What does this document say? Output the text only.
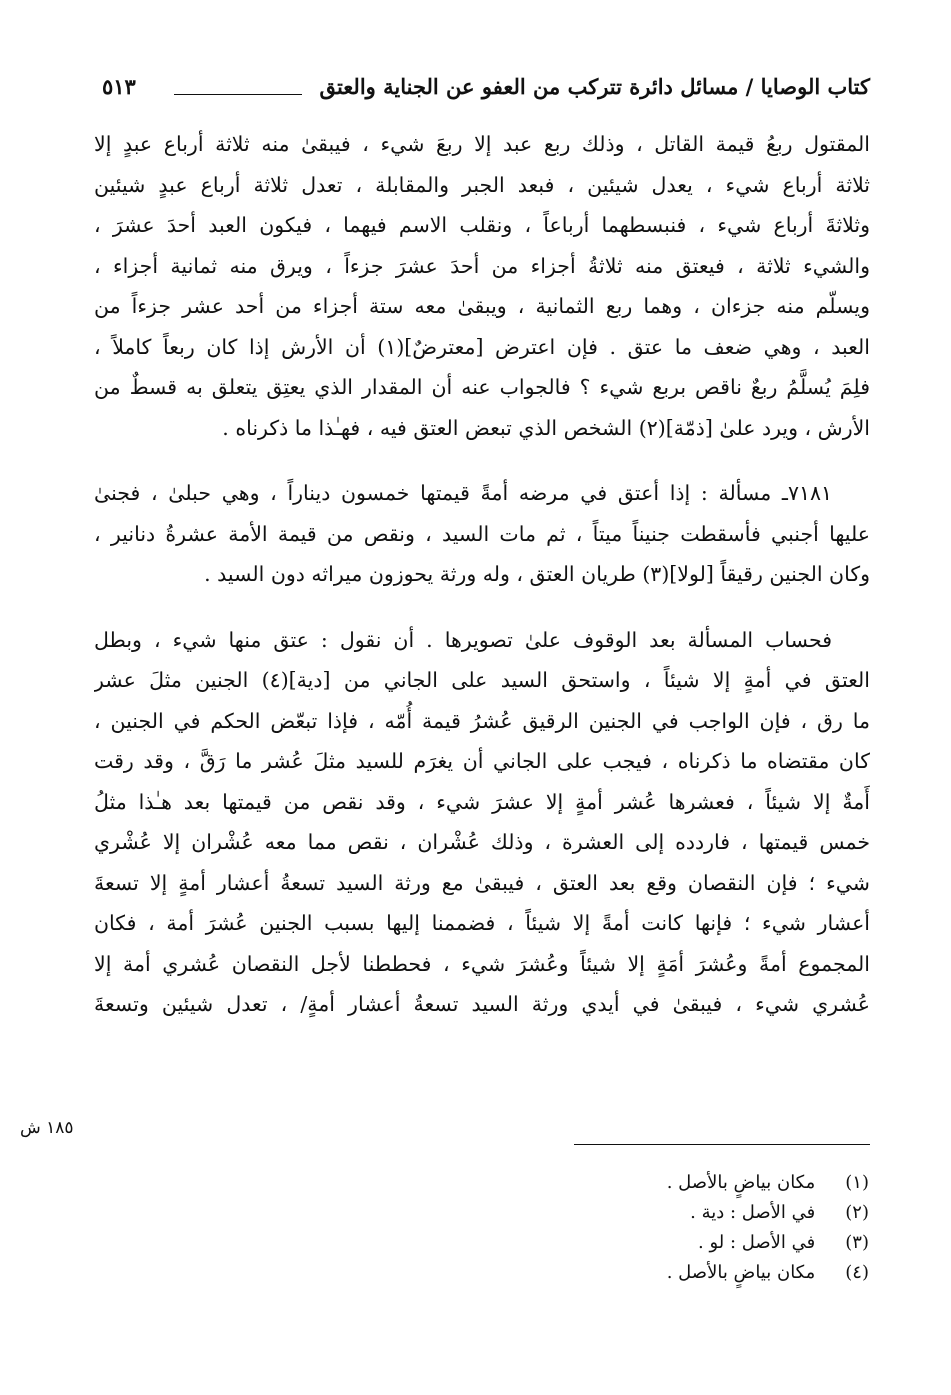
كتاب الوصايا / مسائل دائرة تتركب من العفو عن الجناية والعتق
٥١٣
المقتول ربعُ قيمة القاتل ، وذلك ربع عبد إلا ربعَ شيء ، فيبقىٰ منه ثلاثة أرباع عبدٍ إلا
ثلاثة أرباع شيء ، يعدل شيئين ، فبعد الجبر والمقابلة ، تعدل ثلاثة أرباع عبدٍ شيئين
وثلاثةَ أرباع شيء ، فنبسطهما أرباعاً ، ونقلب الاسم فيهما ، فيكون العبد أحدَ عشرَ ،
والشيء ثلاثة ، فيعتق منه ثلاثةُ أجزاء من أحدَ عشرَ جزءاً ، ويرق منه ثمانية أجزاء ،
ويسلّم منه جزءان ، وهما ربع الثمانية ، ويبقىٰ معه ستة أجزاء من أحد عشر جزءاً من
العبد ، وهي ضعف ما عتق . فإن اعترض [معترضٌ](١) أن الأرش إذا كان ربعاً كاملاً ،
فلِمَ يُسلَّمُ ربعٌ ناقص بربع شيء ؟ فالجواب عنه أن المقدار الذي يعتِق يتعلق به قسطٌ من
الأرش ، ويرد علىٰ [ذمّة](٢) الشخص الذي تبعض العتق فيه ، فهـٰذا ما ذكرناه .
٧١٨١ـ مسألة : إذا أعتق في مرضه أمةً قيمتها خمسون ديناراً ، وهي حبلىٰ ، فجنىٰ
عليها أجنبي فأسقطت جنيناً ميتاً ، ثم مات السيد ، ونقص من قيمة الأمة عشرةُ دنانير ،
وكان الجنين رقيقاً [لولا](٣) طريان العتق ، وله ورثة يحوزون ميراثه دون السيد .
فحساب المسألة بعد الوقوف علىٰ تصويرها . أن نقول : عتق منها شيء ، وبطل
العتق في أمةٍ إلا شيئاً ، واستحق السيد على الجاني من [دية](٤) الجنين مثلَ عشر
ما رق ، فإن الواجب في الجنين الرقيق عُشرُ قيمة أُمّه ، فإذا تبعّض الحكم في الجنين ،
كان مقتضاه ما ذكرناه ، فيجب على الجاني أن يغرَم للسيد مثلَ عُشر ما رَقَّ ، وقد رقت
أَمةٌ إلا شيئاً ، فعشرها عُشر أمةٍ إلا عشرَ شيء ، وقد نقص من قيمتها بعد هـٰذا مثلُ
خمس قيمتها ، فاردده إلى العشرة ، وذلك عُشْران ، نقص مما معه عُشْران إلا عُشْري
شيء ؛ فإن النقصان وقع بعد العتق ، فيبقىٰ مع ورثة السيد تسعةُ أعشار أمةٍ إلا تسعةَ
أعشار شيء ؛ فإنها كانت أمةً إلا شيئاً ، فضممنا إليها بسبب الجنين عُشرَ أمة ، فكان
المجموع أمةً وعُشرَ أمَةٍ إلا شيئاً وعُشرَ شيء ، فحططنا لأجل النقصان عُشري أمة إلا
عُشري شيء ، فيبقىٰ في أيدي ورثة السيد تسعةُ أعشار أمةٍ/ ، تعدل شيئين وتسعةَ
١٨٥ ش
(١) مكان بياضٍ بالأصل .
(٢) في الأصل : دية .
(٣) في الأصل : لو .
(٤) مكان بياضٍ بالأصل .
